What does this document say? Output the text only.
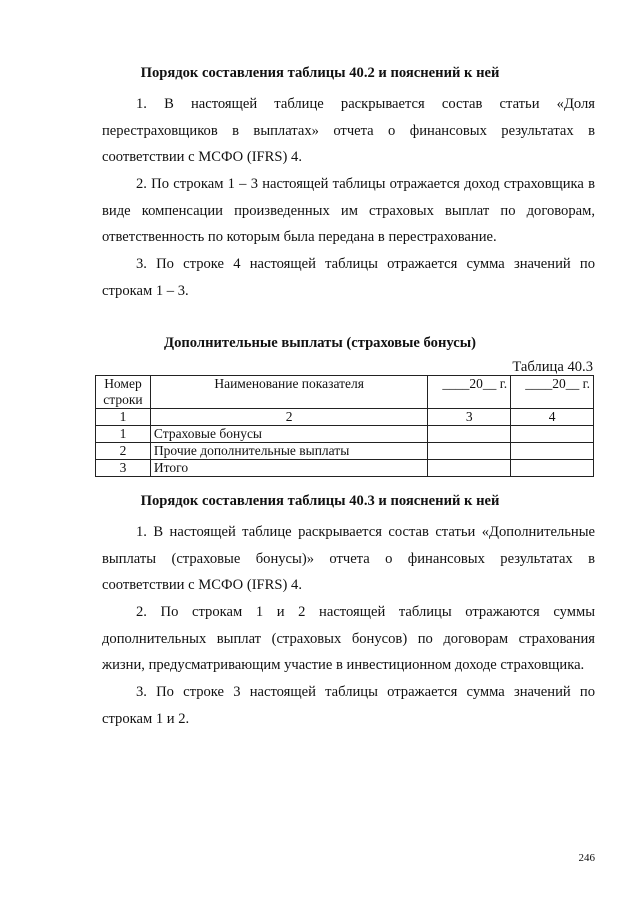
Порядок составления таблицы 40.2 и пояснений к ней
1. В настоящей таблице раскрывается состав статьи «Доля перестраховщиков в выплатах» отчета о финансовых результатах в соответствии с МСФО (IFRS) 4.
2. По строкам 1 – 3 настоящей таблицы отражается доход страховщика в виде компенсации произведенных им страховых выплат по договорам, ответственность по которым была передана в перестрахование.
3. По строке 4 настоящей таблицы отражается сумма значений по строкам 1 – 3.
Дополнительные выплаты (страховые бонусы)
Таблица 40.3
Номер строки	Наименование показателя	____20__ г.	____20__ г.
1	2	3	4
1	Страховые бонусы		
2	Прочие дополнительные выплаты		
3	Итого		
Порядок составления таблицы 40.3 и пояснений к ней
1. В настоящей таблице раскрывается состав статьи «Дополнительные выплаты (страховые бонусы)» отчета о финансовых результатах в соответствии с МСФО (IFRS) 4.
2. По строкам 1 и 2 настоящей таблицы отражаются суммы дополнительных выплат (страховых бонусов) по договорам страхования жизни, предусматривающим участие в инвестиционном доходе страховщика.
3. По строке 3 настоящей таблицы отражается сумма значений по строкам 1 и 2.
246
